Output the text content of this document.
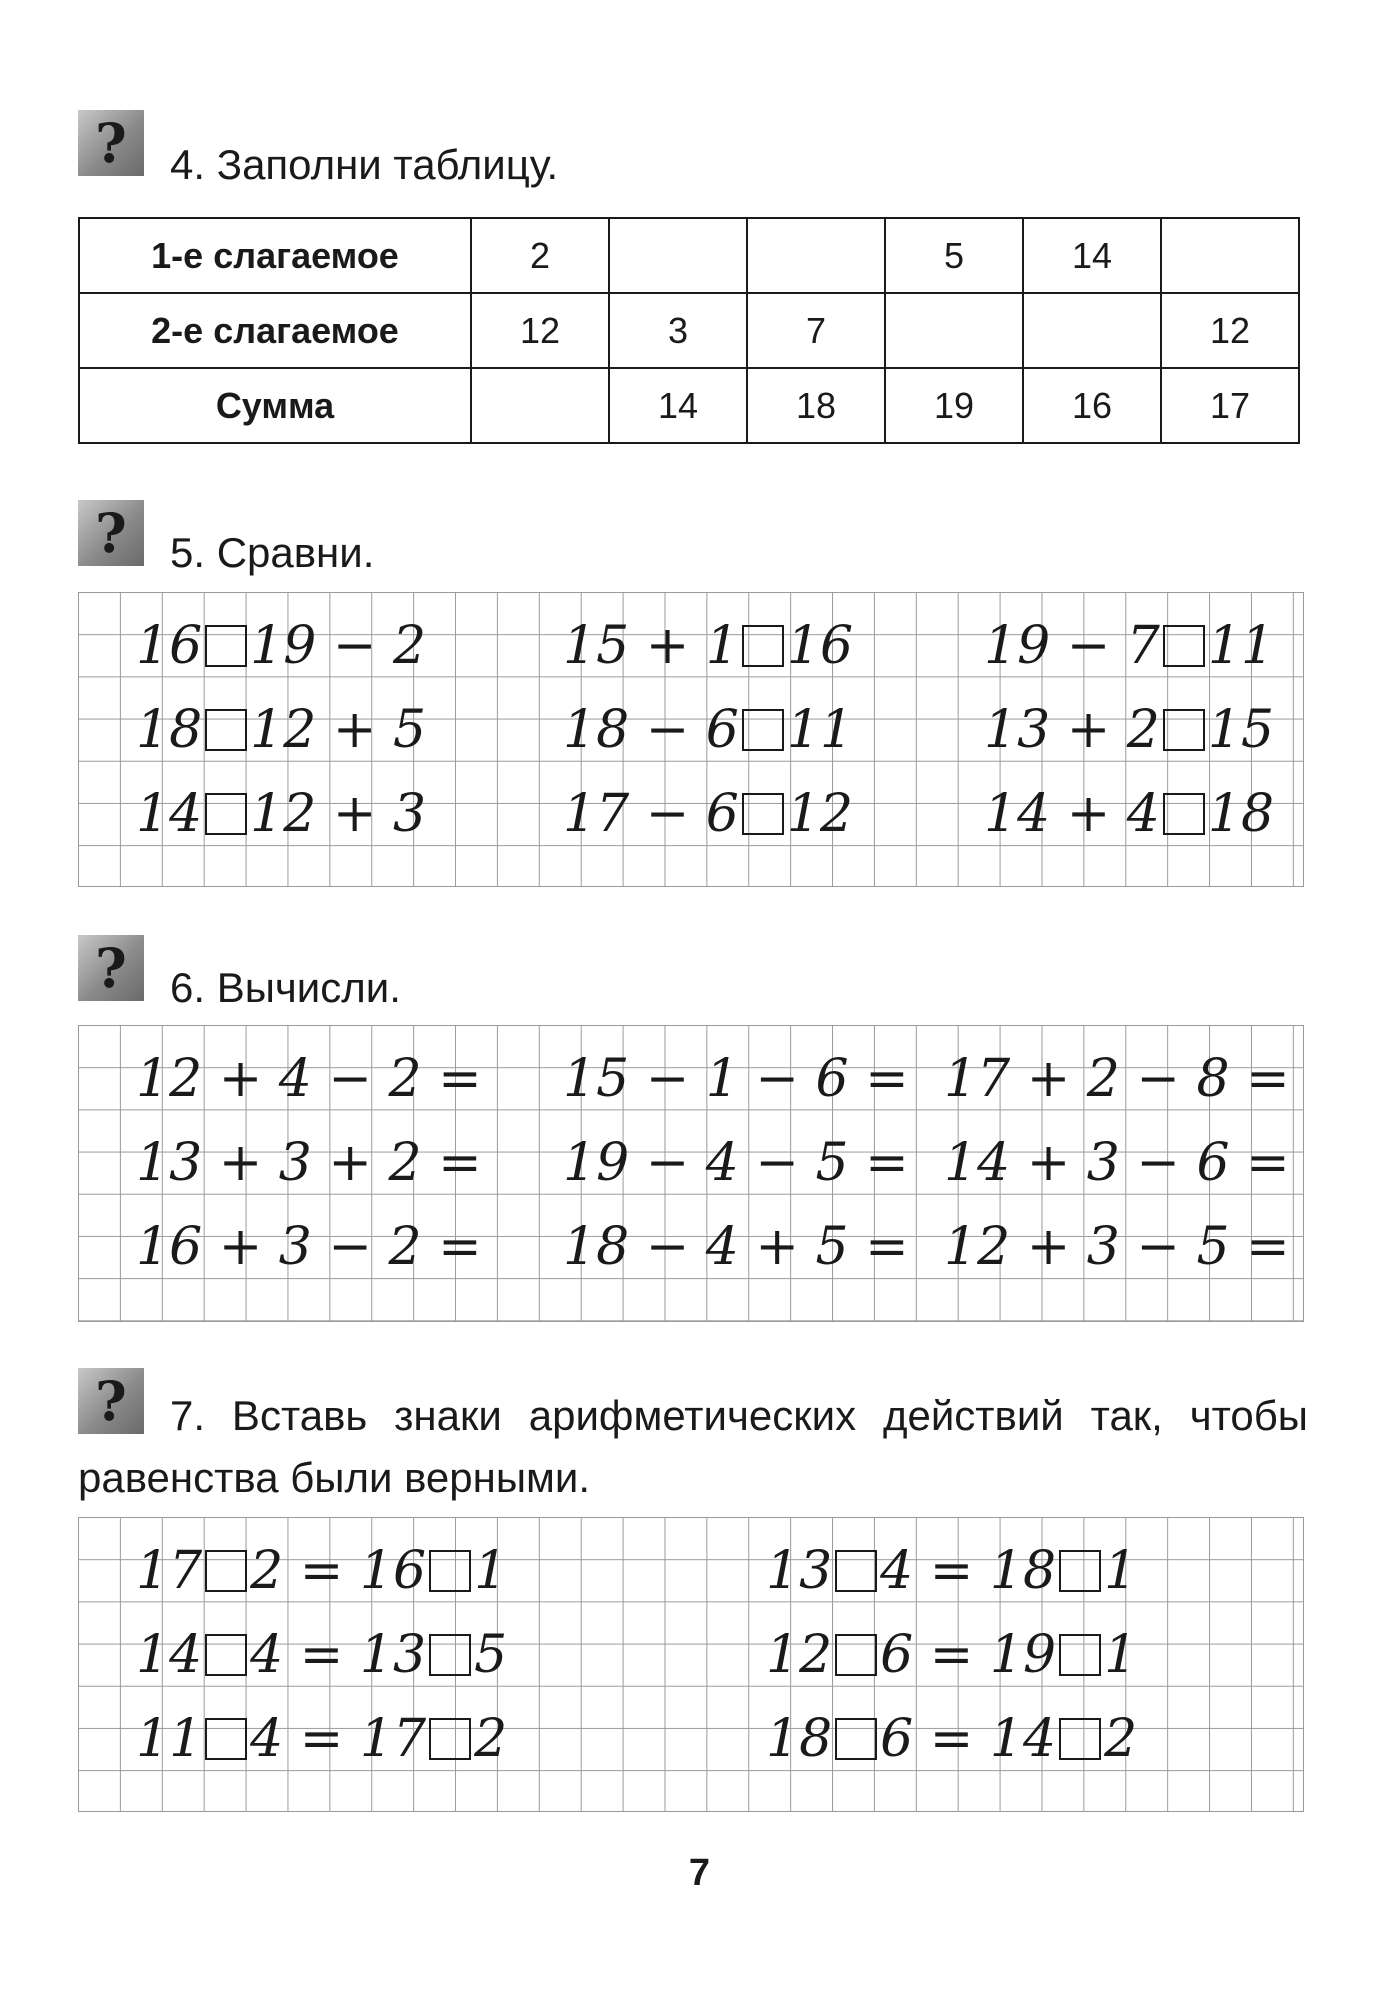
?	4. Заполни таблицу.

1-е слагаемое	2			5	14	
2-е слагаемое	12	3	7			12
Сумма		14	18	19	16	17
?	5. Сравни.

16 19 − 2	15 + 1 16	19 − 7 11
18 12 + 5	18 − 6 11	13 + 2 15
14 12 + 3	17 − 6 12	14 + 4 18
?	6. Вычисли.

12 + 4 − 2 = 15 − 1 − 6 = 17 + 2 − 8 =
13 + 3 + 2 = 19 − 4 − 5 = 14 + 3 − 6 =
16 + 3 − 2 = 18 − 4 + 5 = 12 + 3 − 5 =
?	7. Вставь знаки арифметических действий так, чтобы равенства были верными.

17 2 = 16 1	13 4 = 18 1
14 4 = 13 5	12 6 = 19 1
11 4 = 17 2	18 6 = 14 2
7
